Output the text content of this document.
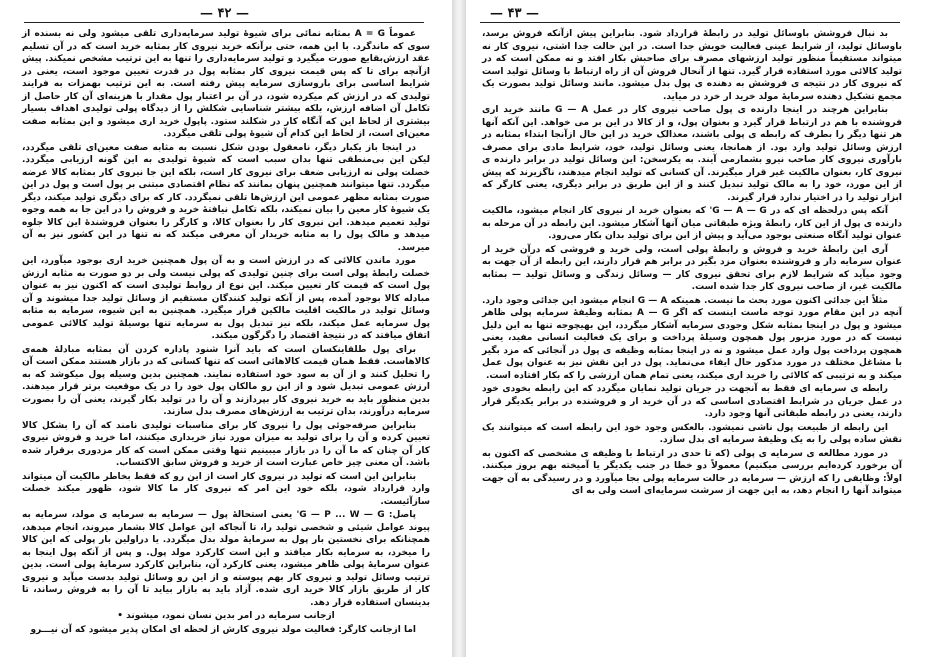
— ۴۲ —

عموماً A = G بمثابه نمائی برای شیوهٔ تولید سرمایه‌داری تلقی میشود ولی نه بسنده از سوی که ماندگرد. با این همه، حتی برآنکه خرید نیروی کار بمثابه خرید است که در آن تسلیم عقد ارزش‌بقایع صورت میگیرد و تولید سرمایه‌داری را تنها به این ترتیب مشخص نمیکند. پیش ازآنچه برای تا که پس قیمت نیروی کار بمثابه پول در قدرت تعیین موجود است، یعنی در شرایط اساسی برای باروسازی سرمایه پیش رفته است. به این ترتیب بهمزات به فرایند تولیدی که در ارزش کم میکرده شود، در آن بر اعتبار پول مقدار با هزینه‌ای آن کار حاصل از تکامل آن اضافه ارزش، بلکه بیشتر شناسایی شکلش را از دیدگاه پولی تولیدی اهداف بسیار بیشتری از لحاظ این که آنگاه کار در شکلند ستود. پاپول خرید اری میشود و این بمثابه صفت معین‌ای است، از لحاظ این کدام آن شیوهٔ پولی تلقی میگردد.

در اینجا باز یکبار دیگر، نامعقول بودن شکل نسبت به مثابه صفت معین‌ای تلقی میگردد، لیکن این بی‌منطقی تنها بدان سبب است که شیوهٔ تولیدی به این گونه ارزیابی میگردد. خصلت پولی نه ارزیابی ضعف برای نیروی کار است، بلکه این جا نیروی کار بمثابه کالا عرضه میگردد. تنها میتوانند همچنین پنهان بمانند که نظام اقتصادی مبتنی بر پول است و پول در این صورت بمثابه مظهر عمومی این ارزش‌ها تلقی نمیگردد. کار که برای دیگری تولید میکند، دیگر یک شیوهٔ کار معین را بیان نمیکند، بلکه تکامل نیافتهٔ خرید و فروش را در این جا به همه وجوه تولید تعمیم میدهد. این نیروی کار را بعنوان کالا، و کارگر را بعنوان فروشندهٔ این کالا جلوه میدهد و مالک پول را به مثابه خریدار آن معرفی میکند که نه تنها در این کشور نیز به آن میرسد.

مورد ماندن کالائی که در ارزش است و به آن پول همچنین خرید اری بوجود میآورد، این خصلت رابطهٔ پولی است برای چنین تولیدی که پولی نیست ولی بر دو صورت به مثابه ارزش پول است که قیمت کار تعیین میکند. این نوع از روابط تولیدی است که اکنون نیز به عنوان مبادله کالا بوجود آمده، پس از آنکه تولید کنندگان مستقیم از وسائل تولید جدا میشوند و آن وسائل تولید در مالکیت اقلیت مالکین قرار میگیرد. همچنین به این شیوه، سرمایه به مثابه پول سرمایه عمل میکند، بلکه نیز تبدیل پول به سرمایه تنها بوسیلهٔ تولید کالائی عمومی اتفاق میافتد که در نتیجهٔ اقتصاد را دگرگون میکند.

برای پول طلقاینکسان است که باید آنرا شنود پاداره کردن آن بمثابه مبادلهٔ همه‌ی کالاهاست. فقط همان قیمت کالاهائی است که تنها کسانی که در بازار هستند ممکن است آن را تحلیل کنند و از آن به سود خود استفاده نمایند. همچنین بدین وسیله پول میکوشد که به ارزش عمومی تبدیل شود و از این رو مالکان پول خود را در یک موقعیت برتر قرار میدهند. بدین منظور باید به خرید نیروی کار بپردازند و آن را در تولید بکار گیرند، یعنی آن را بصورت سرمایه درآورند، بدان ترتیب به ارزش‌های مصرف بدل سازند.

بنابراین صرفه‌جوئی پول را نیروی کار برای مناسبات تولیدی نامند که آن را بشکل کالا تعیین کرده و آن را برای تولید به میزان مورد نیاز خریداری میکنند، اما خرید و فروش نیروی کار آن چنان که ما آن را در بازار میبینیم تنها وقتی ممکن است که کار مزدوری برقرار شده باشد. آن معنی چیز خاص عبارت است از خرید و فروش سابق الاکتساب.

بنابراین این است که تولید در نیروی کار است از این رو که فقط بخاطر مالکیت آن میتواند وارد قرارداد شود، بلکه خود این امر که نیروی کار ما کالا شود، ظهور میکند خصلت سازآئیست.

پاصل: G — P ... W — G' یعنی استحالهٔ پول — سرمایه به سرمایه ی مولد، سرمایه به پیوند عوامل شیئی و شخصی تولید را، تا آنجاکه این عوامل کالا بشمار میروند، انجام میدهد، همچنانکه برای نخستین بار پول به سرمایهٔ مولد بدل میگردد. یا دراولین بار پولی که این کالا را میخرد، به سرمایه بکار میافتد و این است کارکرد مولد پول. و پس از آنکه پول اینجا به عنوان سرمایهٔ پولی ظاهر میشود، یعنی کارکرد آن، بنابراین کارکرد سرمایهٔ پولی است. بدین ترتیب وسائل تولید و نیروی کار بهم پیوسته و از این رو وسائل تولید بدست میآید و نیروی کار از طریق بازار کالا خرید اری شده. آزاد باید به بازار بیاید تا آن را به فروش رساند، تا بدینسان استفاده قرار دهد.

ازجانب سرمایه در امر بدین نسان نمود، میشوند •

اما ازجانب کارگر: فعالیت مولد نیروی کارش از لحظه ای امکان پذیر میشود که آن نیـــرو

— ۴۳ —

بد نبال فروشش باوسائل تولید در رابطهٔ قرارداد شود. بنابراین پیش ازآنکه فروش برسد، باوسائل تولید، از شرایط عینی فعالیت خویش جدا است. در این حالت جدا اشتی، نیروی کار نه میتواند مستقیماً منظور تولید ارزشهای مصرف برای صاحبش بکار افتد و نه ممکن است که در تولید کالائی مورد استفاده قرار گیرد. تنها از آنحال فروش آن از راه ارتباط با وسائل تولید است که نیروی کار در نتیجه ی فروشش به دهنده ی پول بدل میشود. مانند وسائل تولید بصورت یک مجمع تشکیل دهنده سرمایهٔ مولد خرید ار خرد در میاید.

بنابراین هرچند در اینجا دارنده ی پول صاحب نیروی کار در عمل G — A مانند خرید اری فروشنده با هم در ارتباط قرار گیرد و بعنوان پول، و از کالا در این بر می خواهد. این آنکه آنها هر تنها دیگر را بطرف که رابطه ی پولی باشند، معذالک خرید در این حال ازآنجا ابتداء بمثابه در ارزش وسائل تولید وارد بود. از همانجا، یعنی وسائل تولید، خود، شرایط مادی برای مصرف بارآوری نیروی کار صاحب نیرو بشمارمی آیند. به یکرسخن: این وسائل تولید در برابر دارنده ی نیروی کار، بعنوان مالکیت غیر قرار میگیرند. آن کسانی که تولید انجام میدهند، ناگزیرند که پیش از این مورد، خود را به مالک تولید تبدیل کنند و از این طریق در برابر دیگری، یعنی کارگر که ابزار تولید را در اختیار ندارد قرار گیرند.

آنکه پس درلحظه ای که در G — A — G' که بعنوان خرید ار نیروی کار انجام میشود، مالکیت دارنده ی پول از این کار، رابطهٔ ویژه طبقاتی میان آنها آشکار میشود. این رابطه در آن مرحله به عنوان تولید آنگاه صنعتی بوجود می‌آید و پیش از این برای تولید بدان بکار می‌رود.

آری این رابطهٔ خرید و فروش و رابطهٔ پولی است، ولی خرید و فروشی که درآن خرید ار عنوان سرمایه دار و فروشنده بعنوان مزد بگیر در برابر هم قرار دارند، این رابطه از آن جهت به وجود میآید که شرایط لازم برای تحقق نیروی کار — وسائل زندگی و وسائل تولید — بمثابه مالکیت غیر، از صاحب نیروی کار جدا شده است.

مثلاً این جدائی اکنون مورد بحث ما نیست. همینکه G — A انجام میشود این جدائی وجود دارد. آنچه در این مقام مورد توجه ماست اینست که اگر A — G بمثابه وظیفهٔ سرمایه پولی ظاهر میشود و پول در اینجا بمثابه شکل وجودی سرمایه آشکار میگردد، این بهیچوجه تنها به این دلیل نیست که در مورد مزبور پول همچون وسیلهٔ پرداخت و برای یک فعالیت انسانی مفید، یعنی همچون پرداخت پول وارد عمل میشود و نه در اینجا بمثابه وظیفه ی پول در آنجائی که مزد بگیر با مشاغل مختلف در مورد مذکور حال ایفاء می‌نماید. پول در این نقش نیز به عنوان پول عمل میکند و به ترتیبی که کالائی را خرید اری میکند، یعنی تمام همان ارزشی را که بکار افتاده است.

رابطه ی سرمایه ای فقط به آنجهت در جریان تولید نمایان میگردد که این رابطه بخودی خود در عمل جریان در شرایط اقتصادی اساسی که در آن خرید ار و فروشنده در برابر یکدیگر قرار دارند، یعنی در رابطه طبقاتی آنها وجود دارد.

این رابطه از طبیعت پول ناشی نمیشود. بالعکس وجود خود این رابطه است که میتوانند یک نقش ساده پولی را به یک وظیفهٔ سرمایه ای بدل سازد.

در مورد مطالعه ی سرمایه ی پولی (که تا حدی در ارتباط با وظیفه ی مشخصی که اکنون به آن برخورد کرده‌ایم بررسی میکنیم) معمولاً دو خطا در جنب یکدیگر یا آمیخته بهم بروز میکنند. اولاً: وظایفی را که ارزش — سرمایه در حالت سرمایه پولی بجا میآورد و در رسیدگی به آن جهت میتواند آنها را انجام دهد، به این جهت از سرشت سرمایه‌ای است ولی به ای
